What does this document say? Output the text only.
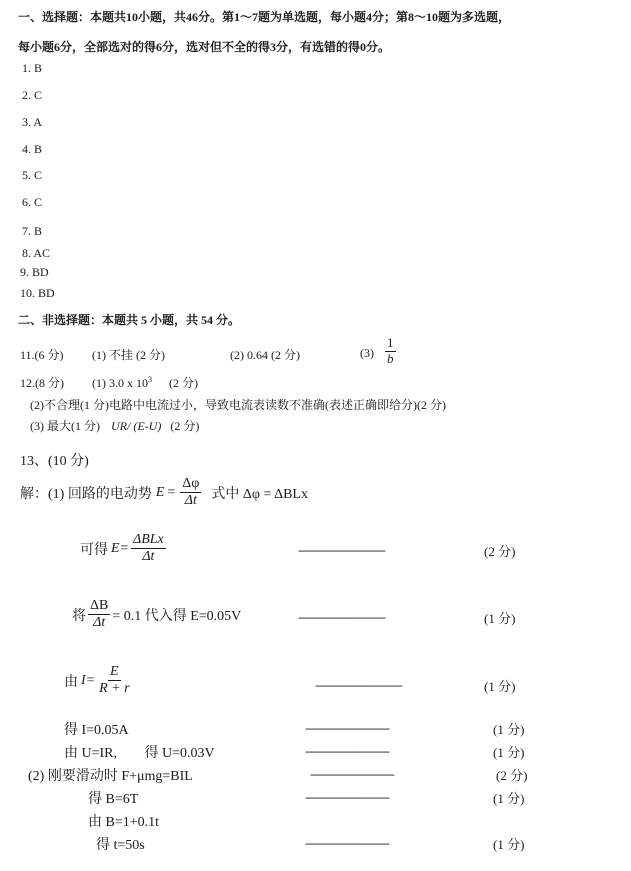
一、选择题：本题共10小题，共46分。第1～7题为单选题，每小题4分；第8～10题为多选题，
每小题6分，全部选对的得6分，选对但不全的得3分，有选错的得0分。
1. B
2. C
3. A
4. B
5. C
6. C
7. B
8. AC
9. BD
10. BD
二、非选择题：本题共 5 小题，共 54 分。
11.(6 分) (1) 不挂 (2 分)	(2) 0.64 (2 分)	$(3) \frac{1}{b}$
12.(8 分) (1) 3.0 x $10^3$ (2 分)
(2)不合理(1 分)电路中电流过小，导致电流表读数不准确(表述正确即给分)(2 分)
(3) 最大(1 分) UR/ (E-U) (2 分)
13、(10 分)
解：(1) 回路的电动势 $E = \frac{\Delta\varphi}{\Delta t}$ 式中 Δφ = ΔBLx
可得 $E= \frac{\text{ΔBLx}}{\Delta t}$	-----------------------------	(2 分)
将 $\frac{\Delta B}{\Delta t} = 0.1$ 代入得 E=0.05V	-----------------------------	(1 分)
由 $I= \frac{E}{R + r}$	-----------------------------	(1 分)
得 I=0.05A	----------------------------	(1 分)
由 U=IR, 得 U=0.03V	----------------------------	(1 分)
(2) 刚要滑动时 F+μmg=BIL	----------------------------	(2 分)
得 B=6T	----------------------------	(1 分)
由 B=1+0.1t
得 t=50s	----------------------------	(1 分)
